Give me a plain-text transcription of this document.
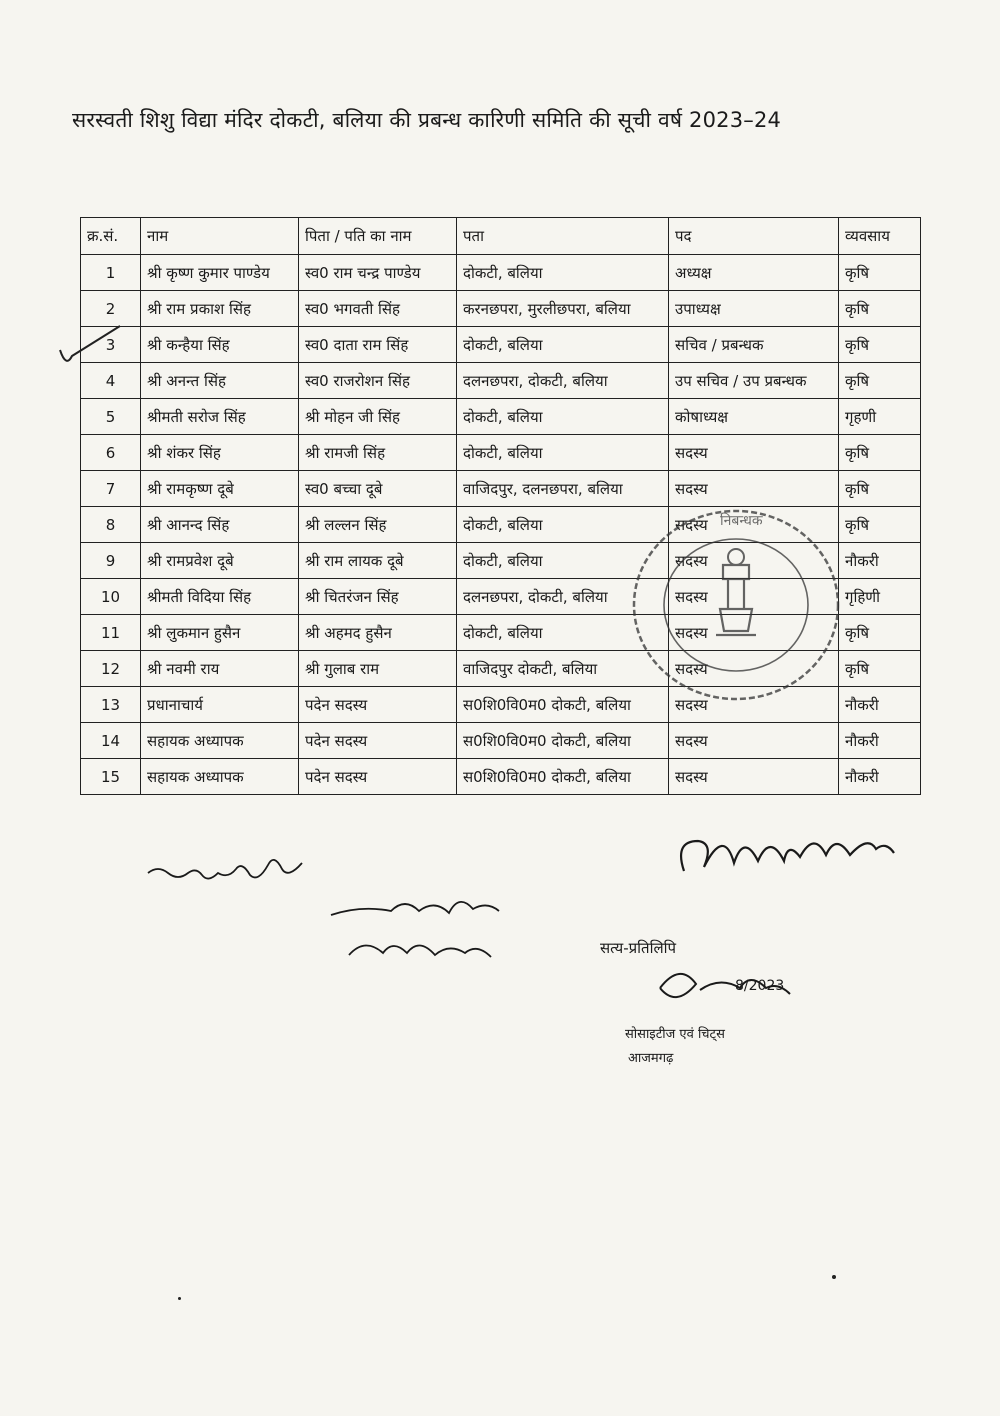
सरस्वती शिशु विद्या मंदिर दोकटी, बलिया की प्रबन्ध कारिणी समिति की सूची वर्ष 2023–24
क्र.सं.	नाम	पिता / पति का नाम	पता	पद	व्यवसाय
1	श्री कृष्ण कुमार पाण्डेय	स्व0 राम चन्द्र पाण्डेय	दोकटी, बलिया	अध्यक्ष	कृषि
2	श्री राम प्रकाश सिंह	स्व0 भगवती सिंह	करनछपरा, मुरलीछपरा, बलिया	उपाध्यक्ष	कृषि
3	श्री कन्हैया सिंह	स्व0 दाता राम सिंह	दोकटी, बलिया	सचिव / प्रबन्धक	कृषि
4	श्री अनन्त सिंह	स्व0 राजरोशन सिंह	दलनछपरा, दोकटी, बलिया	उप सचिव / उप प्रबन्धक	कृषि
5	श्रीमती सरोज सिंह	श्री मोहन जी सिंह	दोकटी, बलिया	कोषाध्यक्ष	गृहणी
6	श्री शंकर सिंह	श्री रामजी सिंह	दोकटी, बलिया	सदस्य	कृषि
7	श्री रामकृष्ण दूबे	स्व0 बच्चा दूबे	वाजिदपुर, दलनछपरा, बलिया	सदस्य	कृषि
8	श्री आनन्द सिंह	श्री लल्लन सिंह	दोकटी, बलिया	सदस्य	कृषि
9	श्री रामप्रवेश दूबे	श्री राम लायक दूबे	दोकटी, बलिया	सदस्य	नौकरी
10	श्रीमती विदिया सिंह	श्री चितरंजन सिंह	दलनछपरा, दोकटी, बलिया	सदस्य	गृहिणी
11	श्री लुकमान हुसैन	श्री अहमद हुसैन	दोकटी, बलिया	सदस्य	कृषि
12	श्री नवमी राय	श्री गुलाब राम	वाजिदपुर दोकटी, बलिया	सदस्य	कृषि
13	प्रधानाचार्य	पदेन सदस्य	स0शि0वि0म0 दोकटी, बलिया	सदस्य	नौकरी
14	सहायक अध्यापक	पदेन सदस्य	स0शि0वि0म0 दोकटी, बलिया	सदस्य	नौकरी
15	सहायक अध्यापक	पदेन सदस्य	स0शि0वि0म0 दोकटी, बलिया	सदस्य	नौकरी
निबन्धक
सत्य-प्रतिलिपि
8/2023
सोसाइटीज एवं चिट्स
आजमगढ़
